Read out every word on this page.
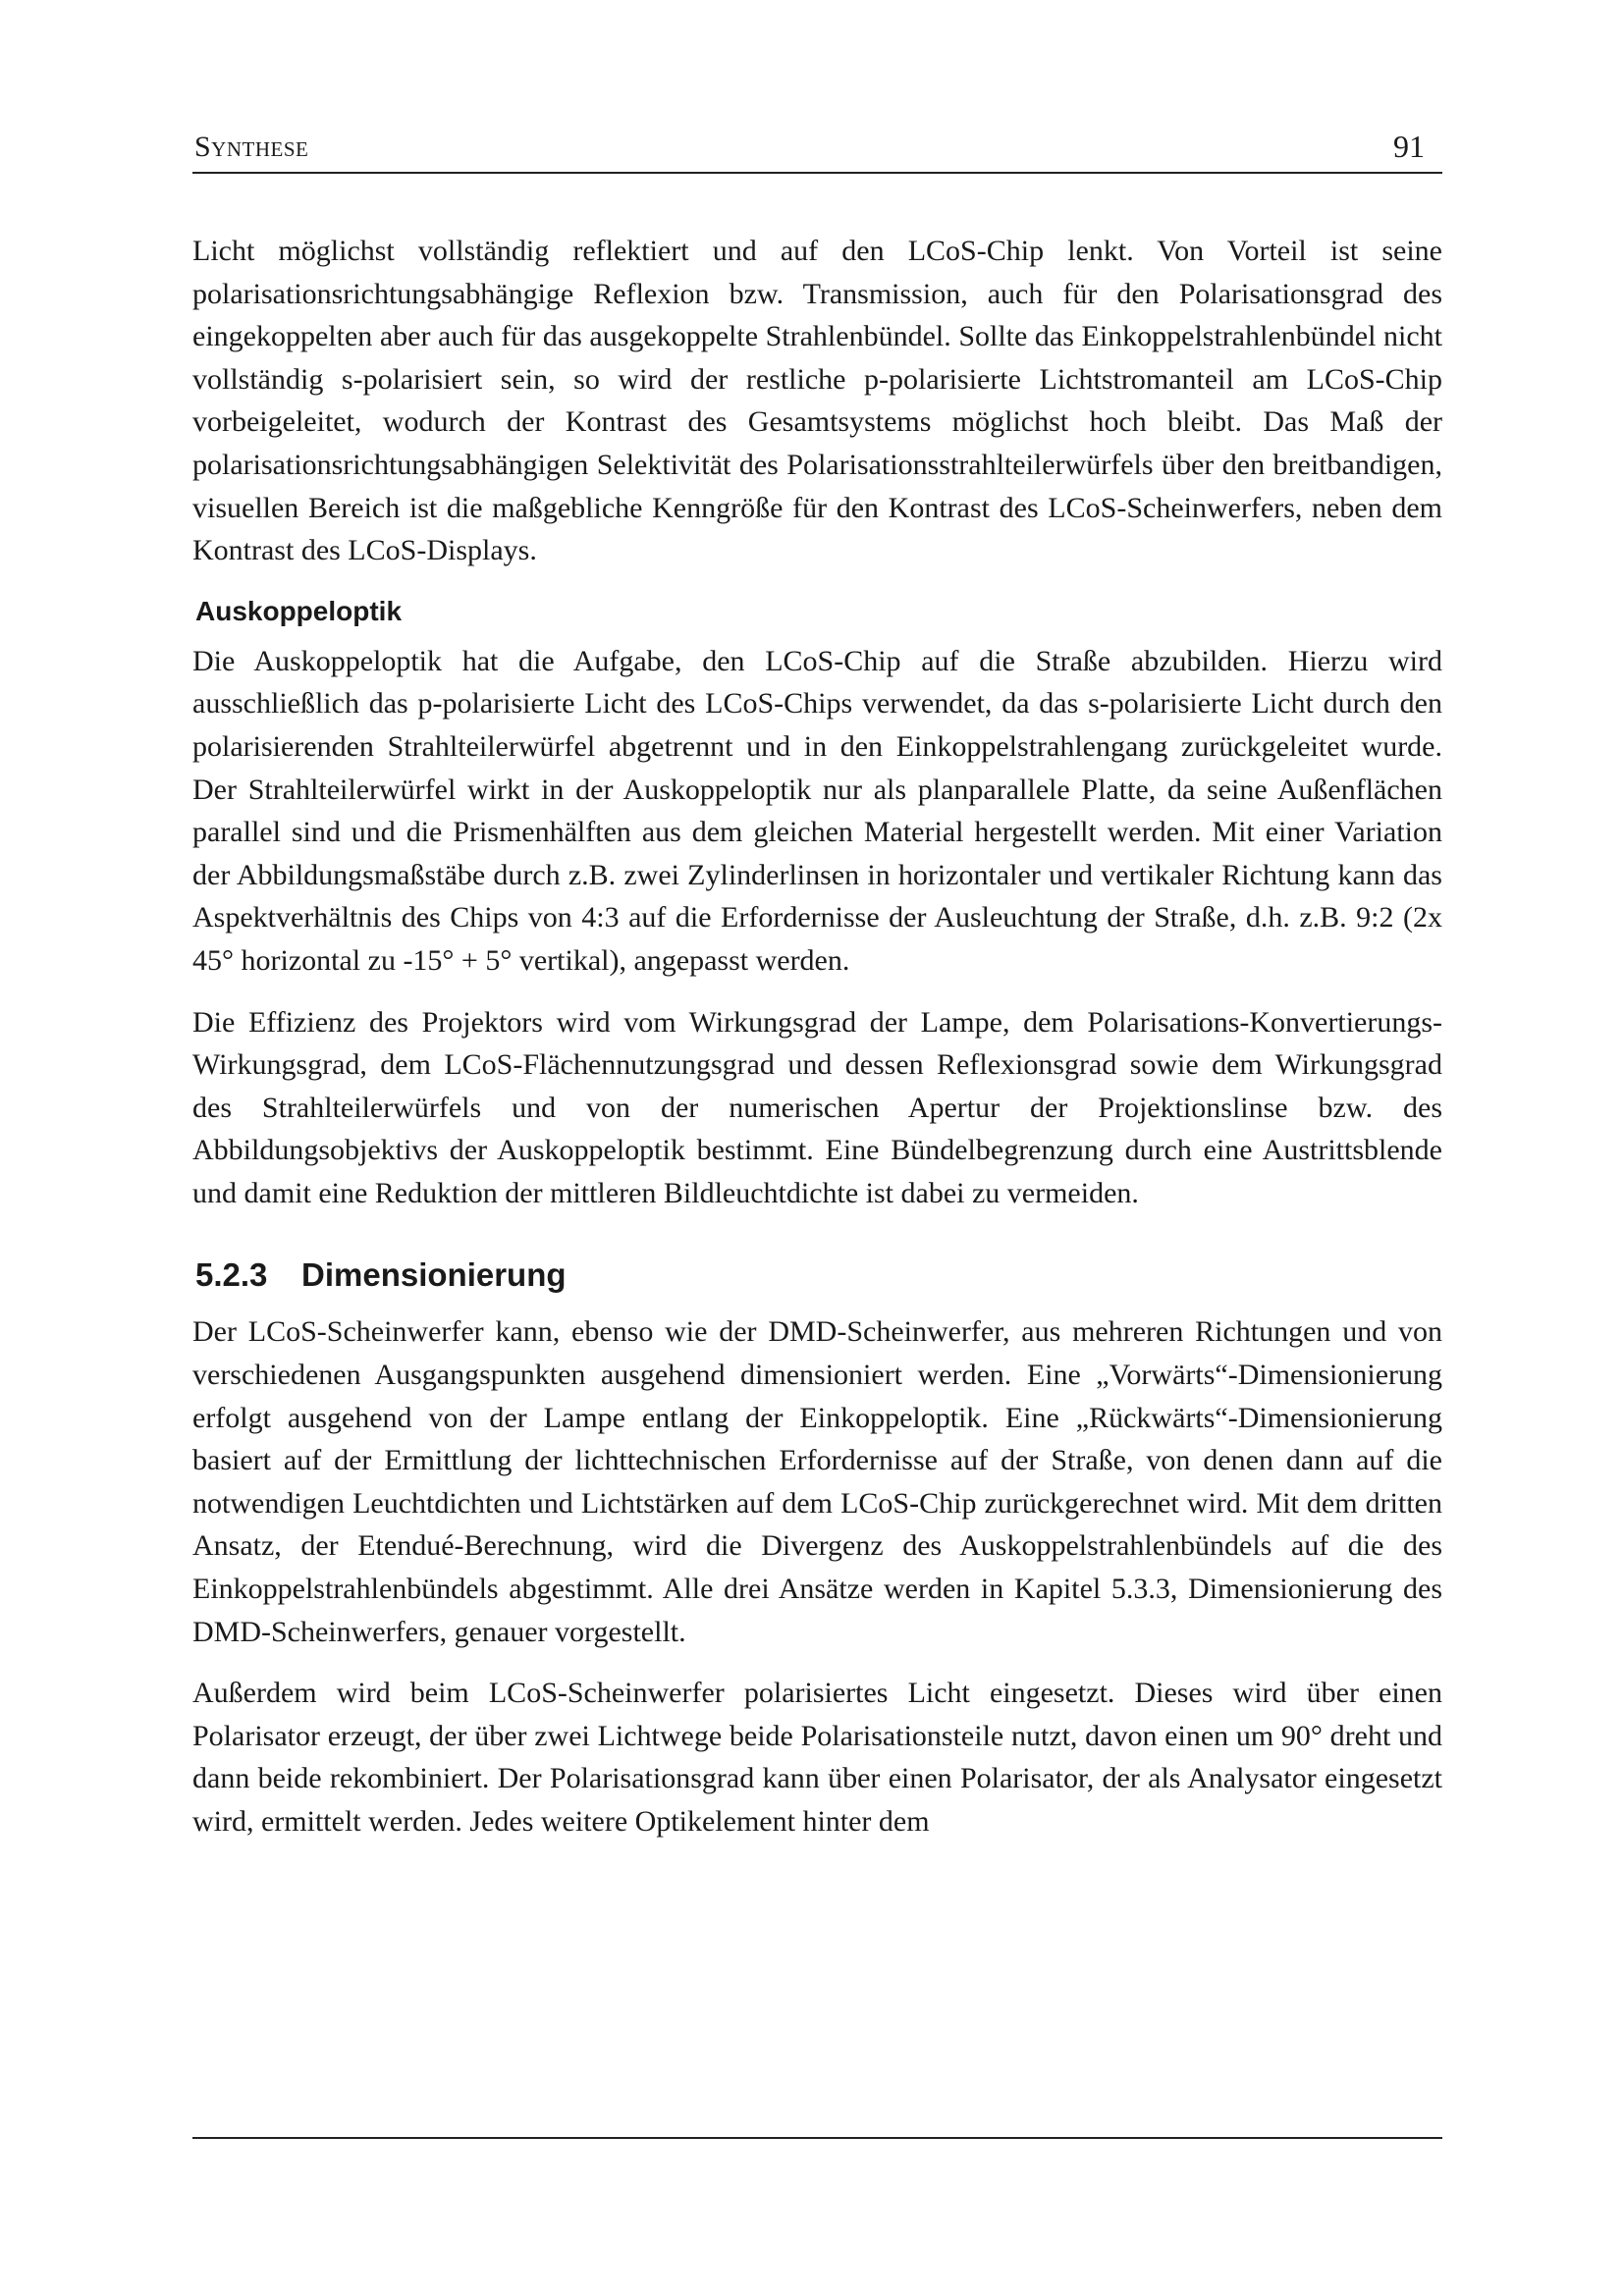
Synthese	91

Licht möglichst vollständig reflektiert und auf den LCoS-Chip lenkt. Von Vorteil ist seine polarisationsrichtungsabhängige Reflexion bzw. Transmission, auch für den Polarisationsgrad des eingekoppelten aber auch für das ausgekoppelte Strahlenbündel. Sollte das Einkoppelstrahlenbündel nicht vollständig s-polarisiert sein, so wird der restliche p-polarisierte Lichtstromanteil am LCoS-Chip vorbeigeleitet, wodurch der Kontrast des Gesamtsystems möglichst hoch bleibt. Das Maß der polarisationsrichtungsabhängigen Selektivität des Polarisationsstrahlteilerwürfels über den breitbandigen, visuellen Bereich ist die maßgebliche Kenngröße für den Kontrast des LCoS-Scheinwerfers, neben dem Kontrast des LCoS-Displays.

Auskoppeloptik

Die Auskoppeloptik hat die Aufgabe, den LCoS-Chip auf die Straße abzubilden. Hierzu wird ausschließlich das p-polarisierte Licht des LCoS-Chips verwendet, da das s-polarisierte Licht durch den polarisierenden Strahlteilerwürfel abgetrennt und in den Einkoppelstrahlengang zurückgeleitet wurde. Der Strahlteilerwürfel wirkt in der Auskoppeloptik nur als planparallele Platte, da seine Außenflächen parallel sind und die Prismenhälften aus dem gleichen Material hergestellt werden. Mit einer Variation der Abbildungsmaßstäbe durch z.B. zwei Zylinderlinsen in horizontaler und vertikaler Richtung kann das Aspektverhältnis des Chips von 4:3 auf die Erfordernisse der Ausleuchtung der Straße, d.h. z.B. 9:2 (2x 45° horizontal zu -15° + 5° vertikal), angepasst werden.

Die Effizienz des Projektors wird vom Wirkungsgrad der Lampe, dem Polarisations-Konvertierungs-Wirkungsgrad, dem LCoS-Flächennutzungsgrad und dessen Reflexionsgrad sowie dem Wirkungsgrad des Strahlteilerwürfels und von der numerischen Apertur der Projektionslinse bzw. des Abbildungsobjektivs der Auskoppeloptik bestimmt. Eine Bündelbegrenzung durch eine Austrittsblende und damit eine Reduktion der mittleren Bildleuchtdichte ist dabei zu vermeiden.

5.2.3 Dimensionierung

Der LCoS-Scheinwerfer kann, ebenso wie der DMD-Scheinwerfer, aus mehreren Richtungen und von verschiedenen Ausgangspunkten ausgehend dimensioniert werden. Eine „Vorwärts“-Dimensionierung erfolgt ausgehend von der Lampe entlang der Einkoppeloptik. Eine „Rückwärts“-Dimensionierung basiert auf der Ermittlung der lichttechnischen Erfordernisse auf der Straße, von denen dann auf die notwendigen Leuchtdichten und Lichtstärken auf dem LCoS-Chip zurückgerechnet wird. Mit dem dritten Ansatz, der Etendué-Berechnung, wird die Divergenz des Auskoppelstrahlenbündels auf die des Einkoppelstrahlenbündels abgestimmt. Alle drei Ansätze werden in Kapitel 5.3.3, Dimensionierung des DMD-Scheinwerfers, genauer vorgestellt.

Außerdem wird beim LCoS-Scheinwerfer polarisiertes Licht eingesetzt. Dieses wird über einen Polarisator erzeugt, der über zwei Lichtwege beide Polarisationsteile nutzt, davon einen um 90° dreht und dann beide rekombiniert. Der Polarisationsgrad kann über einen Polarisator, der als Analysator eingesetzt wird, ermittelt werden. Jedes weitere Optikelement hinter dem
